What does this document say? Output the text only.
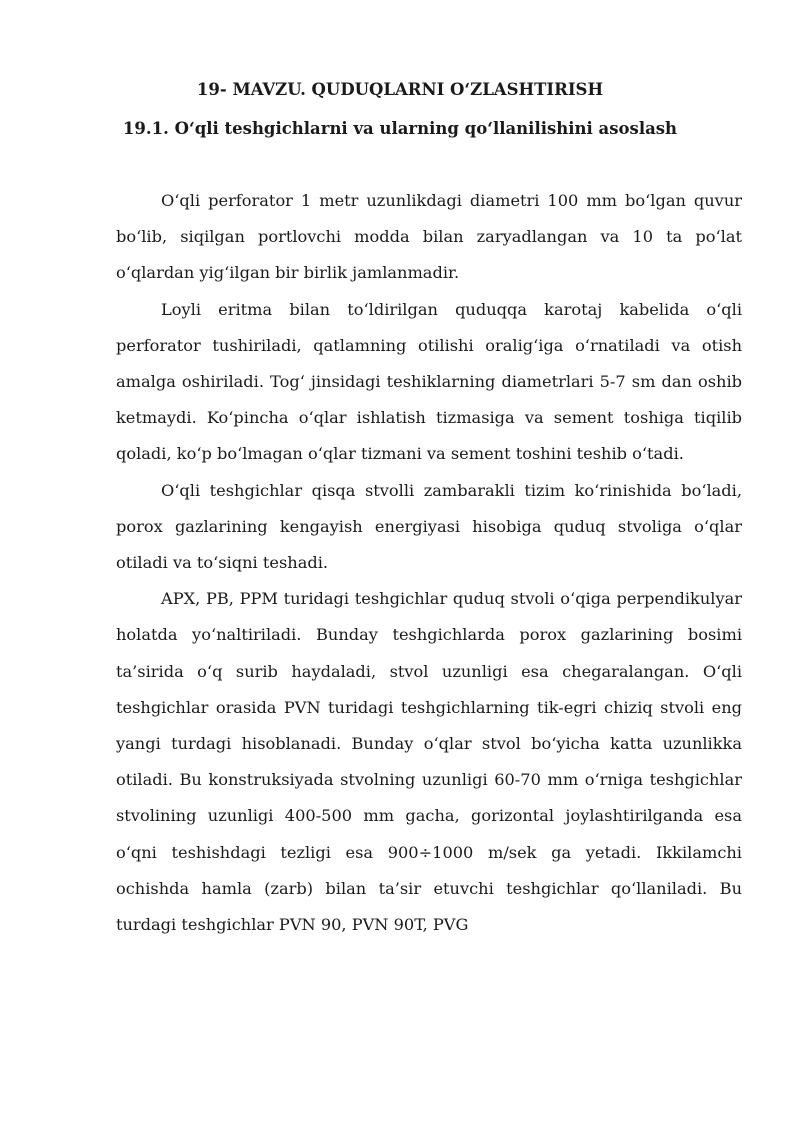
19- MAVZU. QUDUQLARNI O‘ZLASHTIRISH
19.1. O‘qli teshgichlarni va ularning qo‘llanilishini asoslash

O‘qli perforator 1 metr uzunlikdagi diametri 100 mm bo‘lgan quvur bo‘lib, siqilgan portlovchi modda bilan zaryadlangan va 10 ta po‘lat o‘qlardan yig‘ilgan bir birlik jamlanmadir.

Loyli eritma bilan to‘ldirilgan quduqqa karotaj kabelida o‘qli perforator tushiriladi, qatlamning otilishi oralig‘iga o‘rnatiladi va otish amalga oshiriladi. Tog‘ jinsidagi teshiklarning diametrlari 5-7 sm dan oshib ketmaydi. Ko‘pincha o‘qlar ishlatish tizmasiga va sement toshiga tiqilib qoladi, ko‘p bo‘lmagan o‘qlar tizmani va sement toshini teshib o‘tadi.

O‘qli teshgichlar qisqa stvolli zambarakli tizim ko‘rinishida bo‘ladi, porox gazlarining kengayish energiyasi hisobiga quduq stvoliga o‘qlar otiladi va to‘siqni teshadi.

APX, PB, PPM turidagi teshgichlar quduq stvoli o‘qiga perpendikulyar holatda yo‘naltiriladi. Bunday teshgichlarda porox gazlarining bosimi ta’sirida o‘q surib haydaladi, stvol uzunligi esa chegaralangan. O‘qli teshgichlar orasida PVN turidagi teshgichlarning tik-egri chiziq stvoli eng yangi turdagi hisoblanadi. Bunday o‘qlar stvol bo‘yicha katta uzunlikka otiladi. Bu konstruksiyada stvolning uzunligi 60-70 mm o‘rniga teshgichlar stvolining uzunligi 400-500 mm gacha, gorizontal joylashtirilganda esa o‘qni teshishdagi tezligi esa 900÷1000 m/sek ga yetadi. Ikkilamchi ochishda hamla (zarb) bilan ta’sir etuvchi teshgichlar qo‘llaniladi. Bu turdagi teshgichlar PVN 90, PVN 90T, PVG
